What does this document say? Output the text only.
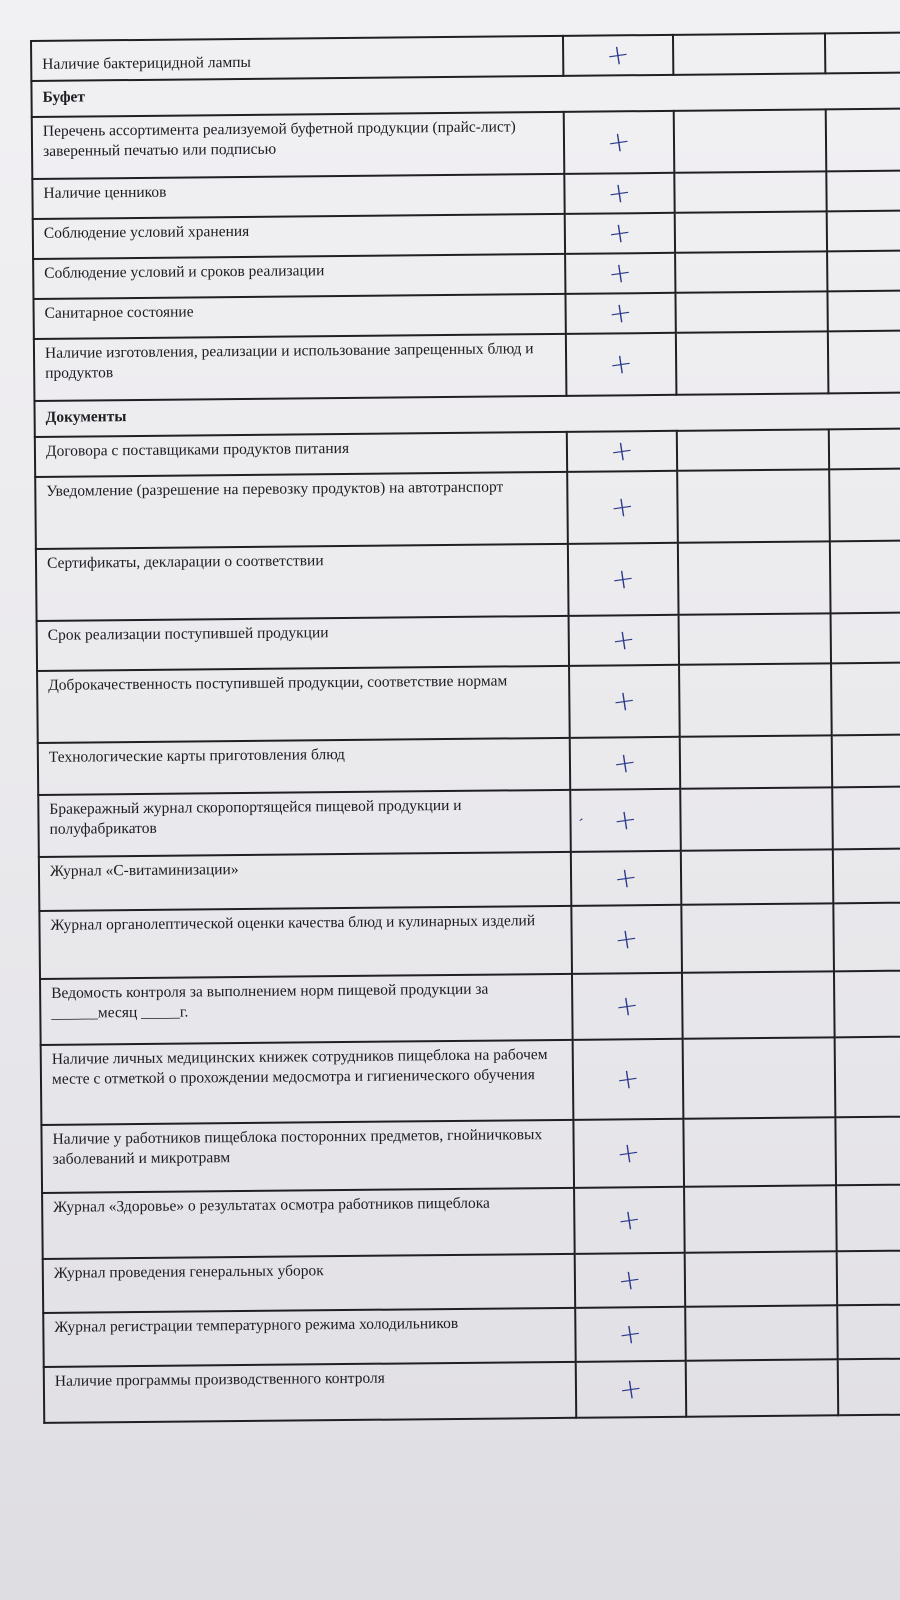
Наличие бактерицидной лампы	+		
Буфет			
Перечень ассортимента реализуемой буфетной продукции (прайс-лист) заверенный печатью или подписью	+		
Наличие ценников	+		
Соблюдение условий хранения	+		
Соблюдение условий и сроков реализации	+		
Санитарное состояние	+		
Наличие изготовления, реализации и использование запрещенных блюд и продуктов	+		
Документы			
Договора с поставщиками продуктов питания	+		
Уведомление (разрешение на перевозку продуктов) на автотранспорт	+		
Сертификаты, декларации о соответствии	+		
Срок реализации поступившей продукции	+		
Доброкачественность поступившей продукции, соответствие нормам	+		
Технологические карты приготовления блюд	+		
Бракеражный журнал скоропортящейся пищевой продукции и полуфабрикатов	′ +		
Журнал «С-витаминизации»	+		
Журнал органолептической оценки качества блюд и кулинарных изделий	+		
Ведомость контроля за выполнением норм пищевой продукции за
______месяц _____г.	+		
Наличие личных медицинских книжек сотрудников пищеблока на рабочем месте с отметкой о прохождении медосмотра и гигиенического обучения	+		
Наличие у работников пищеблока посторонних предметов, гнойничковых заболеваний и микротравм	+		
Журнал «Здоровье» о результатах осмотра работников пищеблока	+		
Журнал проведения генеральных уборок	+		
Журнал регистрации температурного режима холодильников	+		
Наличие программы производственного контроля	+		
